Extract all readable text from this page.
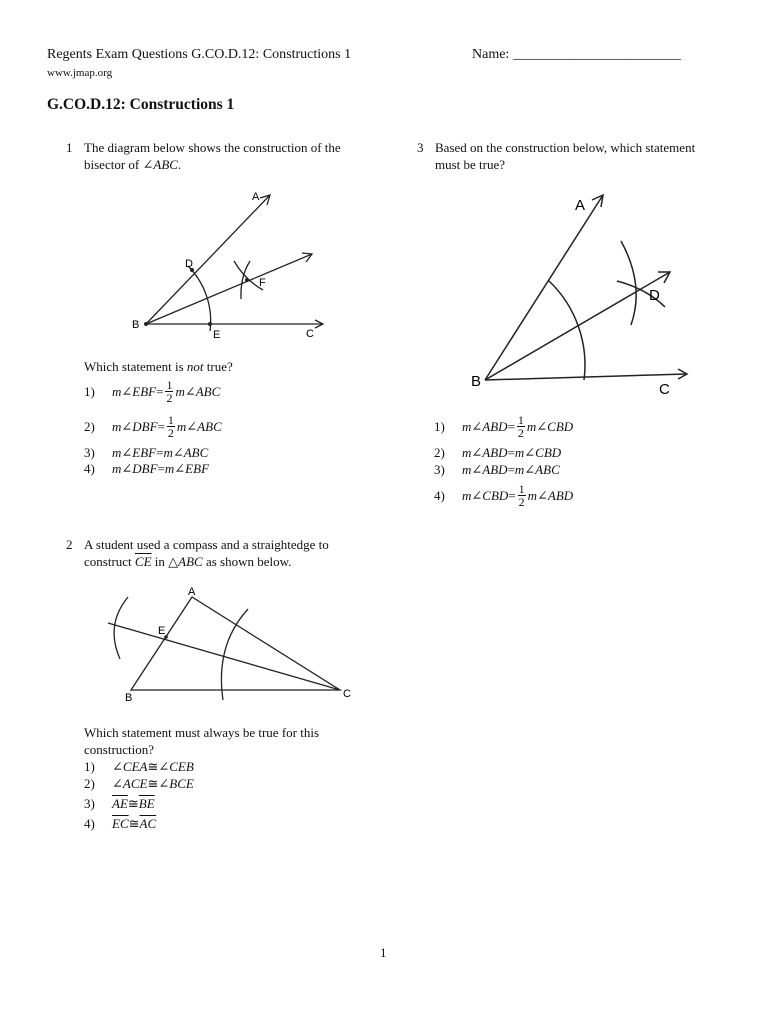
Regents Exam Questions G.CO.D.12: Constructions 1
www.jmap.org
Name: ________________________
G.CO.D.12: Constructions 1
1 The diagram below shows the construction of the
bisector of ∠ABC.
A
B
C
D
E
F
Which statement is not true?
1)	m∠EBF = $\frac{1}{2}$ m∠ABC
2)	m∠DBF = $\frac{1}{2}$ m∠ABC
3)	m∠EBF = m∠ABC
4)	m∠DBF = m∠EBF
2 A student used a compass and a straightedge to
construct $\overline{CE}$ in △ABC as shown below.
A
B	C
E
Which statement must always be true for this
construction?
1)	∠CEA ≅ ∠CEB
2)	∠ACE ≅ ∠BCE
3)	$\overline{AE}$ ≅ $\overline{BE}$
4)	$\overline{EC}$ ≅ $\overline{AC}$
3 Based on the construction below, which statement
must be true?
A
B	C
D
1)	m∠ABD = $\frac{1}{2}$ m∠CBD
2)	m∠ABD = m∠CBD
3)	m∠ABD = m∠ABC
4)	m∠CBD = $\frac{1}{2}$ m∠ABD
1
